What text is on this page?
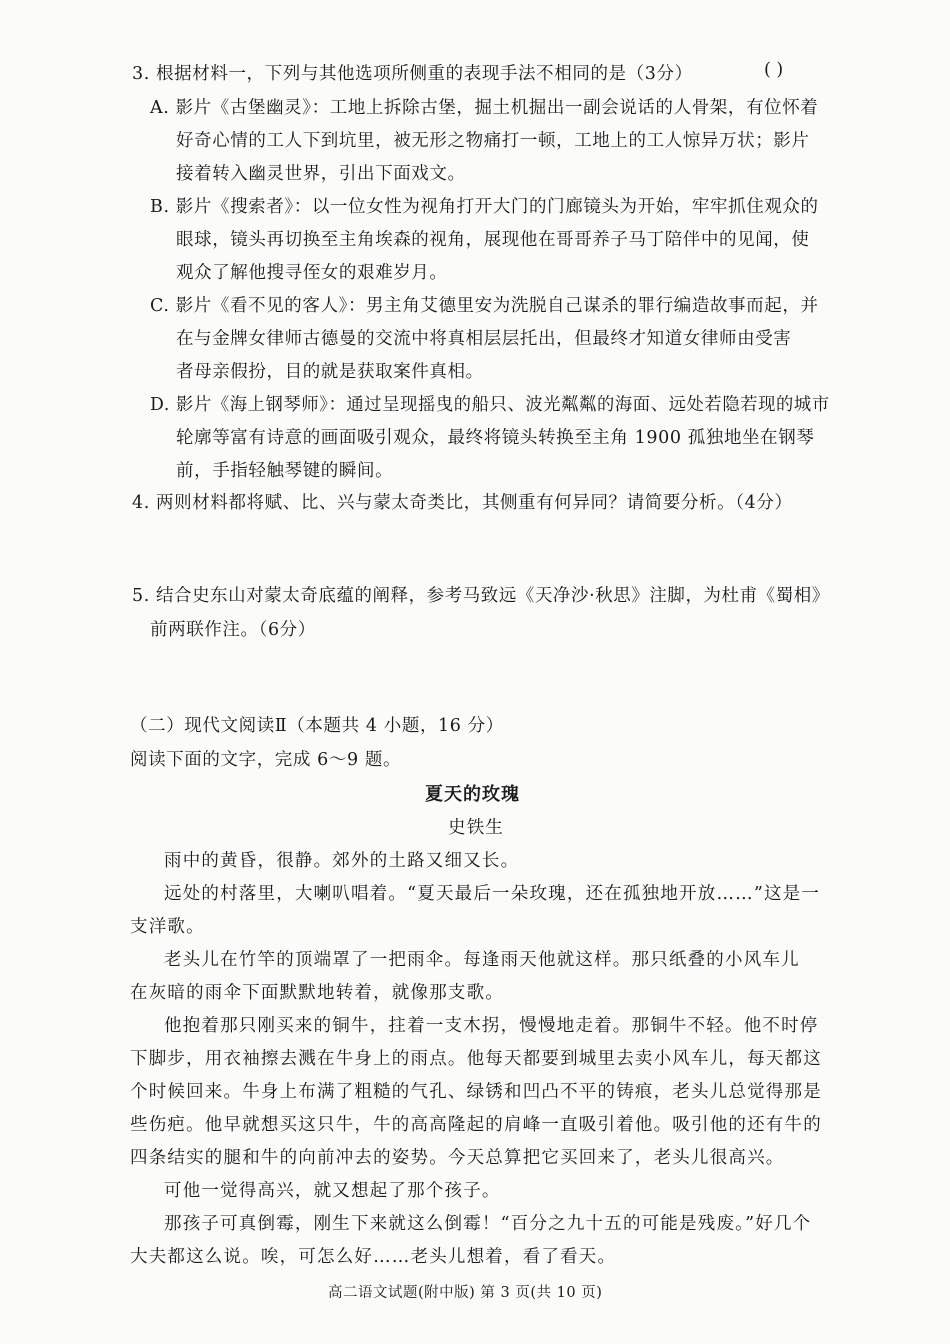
3. 根据材料一，下列与其他选项所侧重的表现手法不相同的是（3分）	( )
A. 影片《古堡幽灵》：工地上拆除古堡，掘土机掘出一副会说话的人骨架，有位怀着
好奇心情的工人下到坑里，被无形之物痛打一顿，工地上的工人惊异万状；影片
接着转入幽灵世界，引出下面戏文。
B. 影片《搜索者》：以一位女性为视角打开大门的门廊镜头为开始，牢牢抓住观众的
眼球，镜头再切换至主角埃森的视角，展现他在哥哥养子马丁陪伴中的见闻，使
观众了解他搜寻侄女的艰难岁月。
C. 影片《看不见的客人》：男主角艾德里安为洗脱自己谋杀的罪行编造故事而起，并
在与金牌女律师古德曼的交流中将真相层层托出，但最终才知道女律师由受害
者母亲假扮，目的就是获取案件真相。
D. 影片《海上钢琴师》：通过呈现摇曳的船只、波光粼粼的海面、远处若隐若现的城市
轮廓等富有诗意的画面吸引观众，最终将镜头转换至主角 1900 孤独地坐在钢琴
前，手指轻触琴键的瞬间。
4. 两则材料都将赋、比、兴与蒙太奇类比，其侧重有何异同？请简要分析。（4分）
5. 结合史东山对蒙太奇底蕴的阐释，参考马致远《天净沙·秋思》注脚，为杜甫《蜀相》
前两联作注。（6分）
（二）现代文阅读Ⅱ（本题共 4 小题，16 分）
阅读下面的文字，完成 6～9 题。
夏天的玫瑰
史铁生
雨中的黄昏，很静。郊外的土路又细又长。
远处的村落里，大喇叭唱着。“夏天最后一朵玫瑰，还在孤独地开放……”这是一
支洋歌。
老头儿在竹竿的顶端罩了一把雨伞。每逢雨天他就这样。那只纸叠的小风车儿
在灰暗的雨伞下面默默地转着，就像那支歌。
他抱着那只刚买来的铜牛，拄着一支木拐，慢慢地走着。那铜牛不轻。他不时停
下脚步，用衣袖擦去溅在牛身上的雨点。他每天都要到城里去卖小风车儿，每天都这
个时候回来。牛身上布满了粗糙的气孔、绿锈和凹凸不平的铸痕，老头儿总觉得那是
些伤疤。他早就想买这只牛，牛的高高隆起的肩峰一直吸引着他。吸引他的还有牛的
四条结实的腿和牛的向前冲去的姿势。今天总算把它买回来了，老头儿很高兴。
可他一觉得高兴，就又想起了那个孩子。
那孩子可真倒霉，刚生下来就这么倒霉！“百分之九十五的可能是残废。”好几个
大夫都这么说。唉，可怎么好……老头儿想着，看了看天。
高二语文试题(附中版) 第 3 页(共 10 页)
